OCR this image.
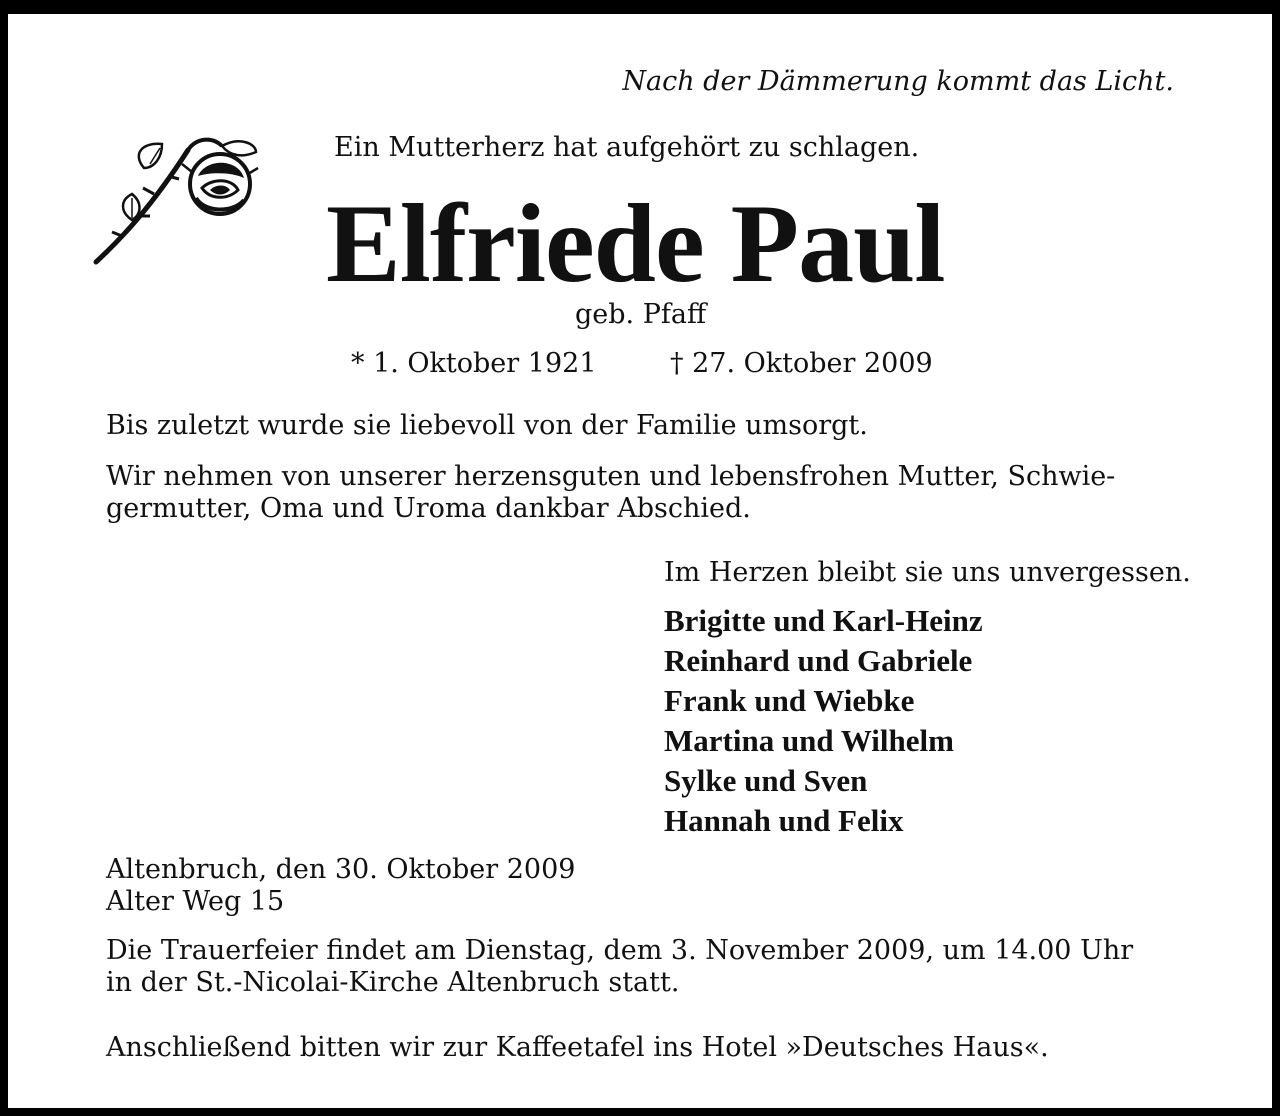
Nach der Dämmerung kommt das Licht.

Ein Mutterherz hat aufgehört zu schlagen.

Elfriede Paul

geb. Pfaff

* 1. Oktober 1921	† 27. Oktober 2009

Bis zuletzt wurde sie liebevoll von der Familie umsorgt.

Wir nehmen von unserer herzensguten und lebensfrohen Mutter, Schwie-

germutter, Oma und Uroma dankbar Abschied.

Im Herzen bleibt sie uns unvergessen.

Brigitte und Karl-Heinz
Reinhard und Gabriele
Frank und Wiebke
Martina und Wilhelm
Sylke und Sven
Hannah und Felix

Altenbruch, den 30. Oktober 2009

Alter Weg 15

Die Trauerfeier findet am Dienstag, dem 3. November 2009, um 14.00 Uhr

in der St.-Nicolai-Kirche Altenbruch statt.

Anschließend bitten wir zur Kaffeetafel ins Hotel »Deutsches Haus«.
